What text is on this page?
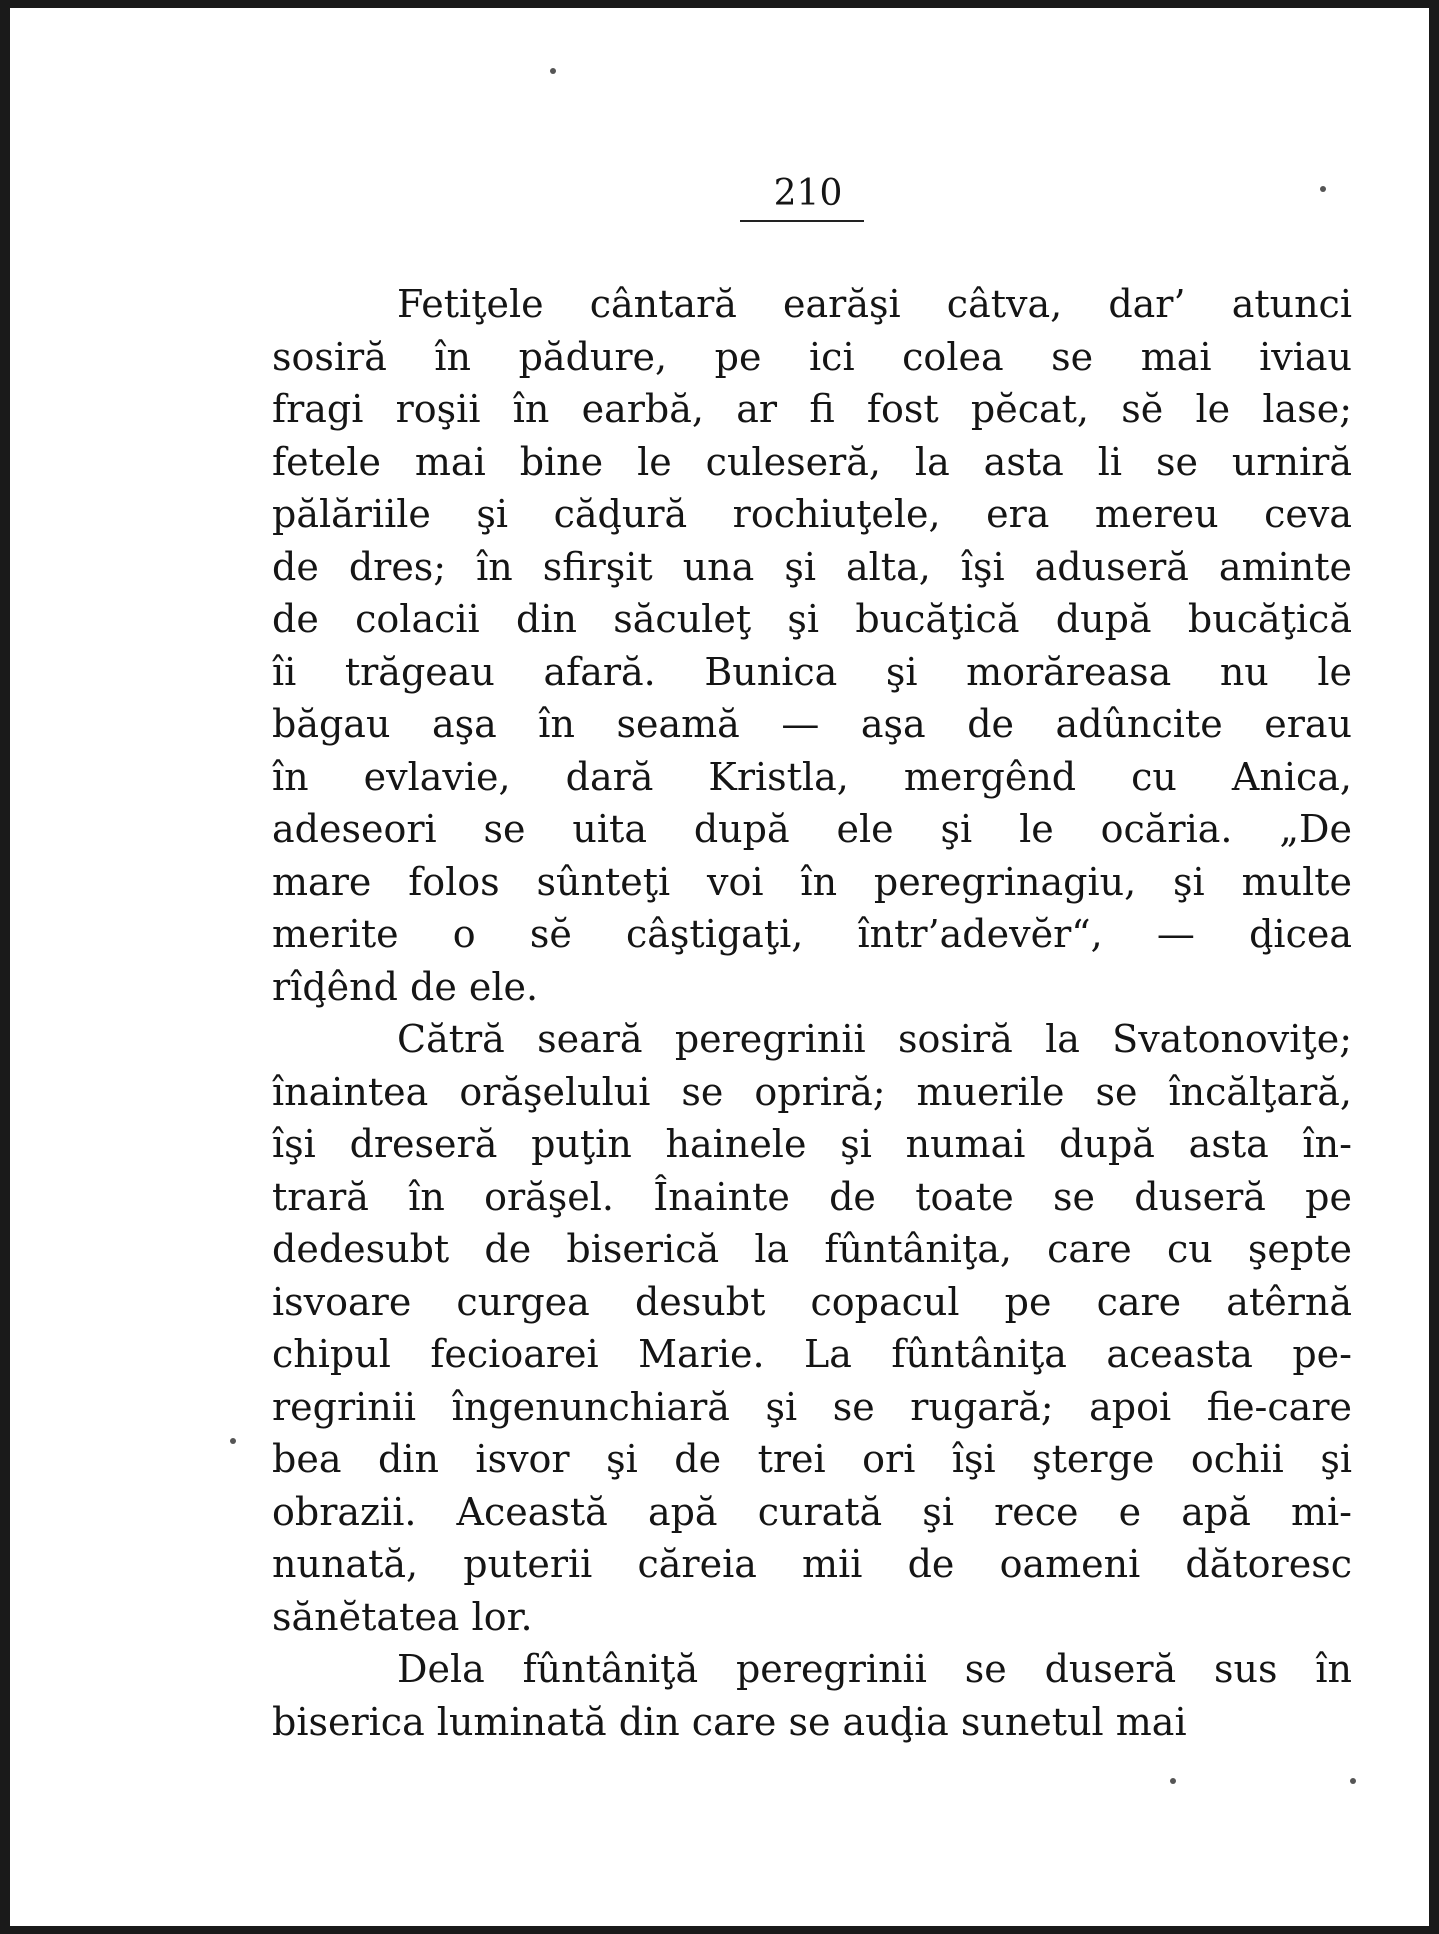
210
Fetiţele cântară earăşi câtva, dar’ atunci
sosiră în pădure, pe ici colea se mai iviau
fragi roşii în earbă, ar fi fost pĕcat, sĕ le lase;
fetele mai bine le culeseră, la asta li se urniră
pălăriile şi căḑură rochiuţele, era mereu ceva
de dres; în sfirşit una şi alta, îşi aduseră aminte
de colacii din săculeţ şi bucăţică după bucăţică
îi trăgeau afară. Bunica şi morăreasa nu le
băgau aşa în seamă — aşa de adûncite erau
în evlavie, dară Kristla, mergênd cu Anica,
adeseori se uita după ele şi le ocăria. „De
mare folos sûnteţi voi în peregrinagiu, şi multe
merite o sĕ câştigaţi, într’adevĕr“, — ḑicea
rîḑênd de ele.
Cătră seară peregrinii sosiră la Svatonoviţe;
înaintea orăşelului se opriră; muerile se încălţară,
îşi dreseră puţin hainele şi numai după asta în-
trară în orăşel. Înainte de toate se duseră pe
dedesubt de biserică la fûntâniţa, care cu şepte
isvoare curgea desubt copacul pe care atêrnă
chipul fecioarei Marie. La fûntâniţa aceasta pe-
regrinii îngenunchiară şi se rugară; apoi fie-care
bea din isvor şi de trei ori îşi şterge ochii şi
obrazii. Această apă curată şi rece e apă mi-
nunată, puterii căreia mii de oameni dătoresc
sănĕtatea lor.
Dela fûntâniţă peregrinii se duseră sus în
biserica luminată din care se auḑia sunetul mai
